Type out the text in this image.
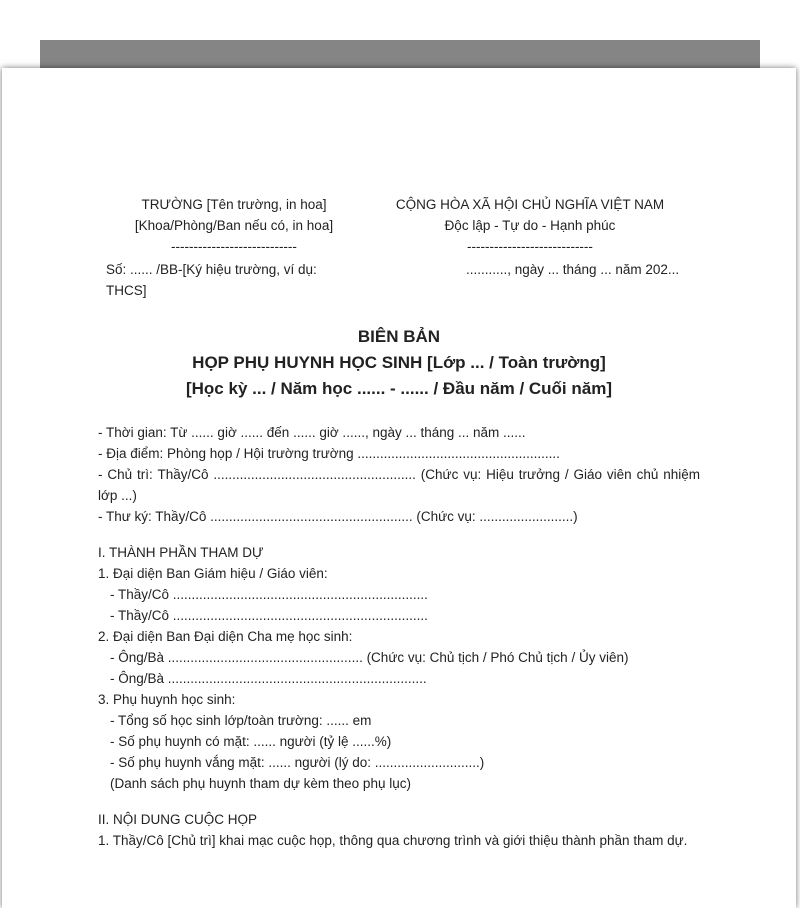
TRƯỜNG [Tên trường, in hoa]
[Khoa/Phòng/Ban nếu có, in hoa]
----------------------------
CỘNG HÒA XÃ HỘI CHỦ NGHĨA VIỆT NAM
Độc lập - Tự do - Hạnh phúc
----------------------------
Số: ...... /BB-[Ký hiệu trường, ví dụ: THCS]
..........., ngày ... tháng ... năm 202...
BIÊN BẢN
HỌP PHỤ HUYNH HỌC SINH [Lớp ... / Toàn trường]
[Học kỳ ... / Năm học ...... - ...... / Đầu năm / Cuối năm]
- Thời gian: Từ ...... giờ ...... đến ...... giờ ......, ngày ... tháng ... năm ......
- Địa điểm: Phòng họp / Hội trường trường ......................................................
- Chủ trì: Thầy/Cô ...................................................... (Chức vụ: Hiệu trưởng / Giáo viên chủ nhiệm lớp ...)
- Thư ký: Thầy/Cô ...................................................... (Chức vụ: .........................)
I. THÀNH PHẦN THAM DỰ
1. Đại diện Ban Giám hiệu / Giáo viên:
- Thầy/Cô ....................................................................
- Thầy/Cô ....................................................................
2. Đại diện Ban Đại diện Cha mẹ học sinh:
- Ông/Bà .................................................... (Chức vụ: Chủ tịch / Phó Chủ tịch / Ủy viên)
- Ông/Bà .....................................................................
3. Phụ huynh học sinh:
- Tổng số học sinh lớp/toàn trường: ...... em
- Số phụ huynh có mặt: ...... người (tỷ lệ ......%)
- Số phụ huynh vắng mặt: ...... người (lý do: ............................)
(Danh sách phụ huynh tham dự kèm theo phụ lục)
II. NỘI DUNG CUỘC HỌP
1. Thầy/Cô [Chủ trì] khai mạc cuộc họp, thông qua chương trình và giới thiệu thành phần tham dự.
